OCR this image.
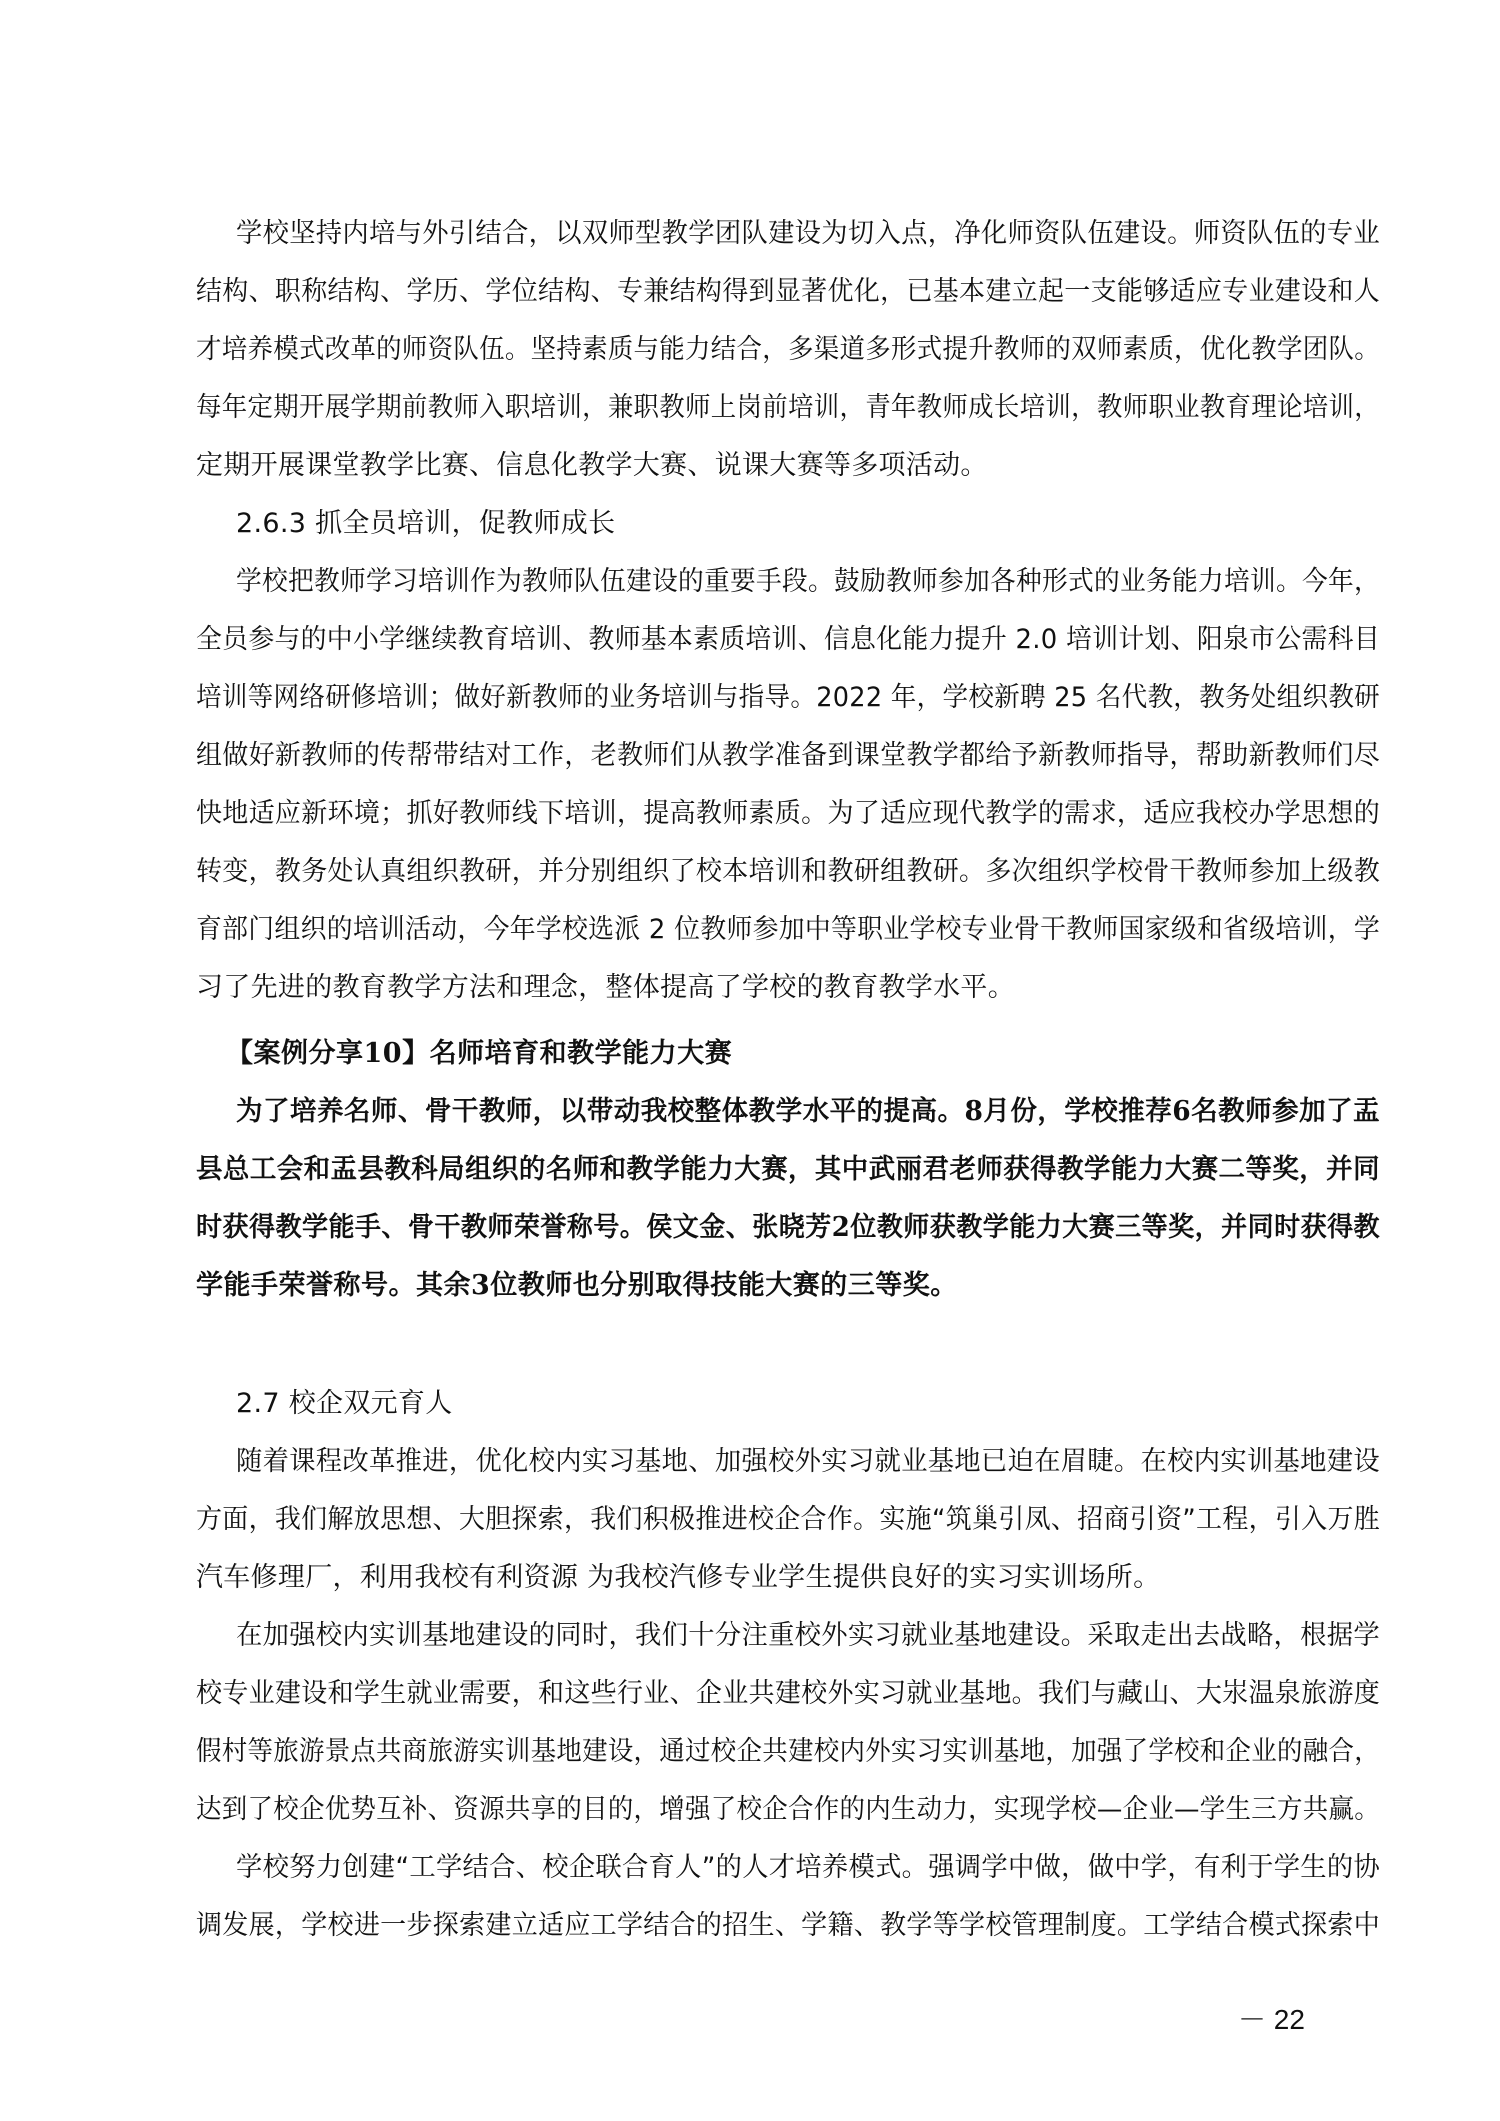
学校坚持内培与外引结合，以双师型教学团队建设为切入点，净化师资队伍建设。师资队伍的专业
结构、职称结构、学历、学位结构、专兼结构得到显著优化，已基本建立起一支能够适应专业建设和人
才培养模式改革的师资队伍。坚持素质与能力结合，多渠道多形式提升教师的双师素质，优化教学团队。
每年定期开展学期前教师入职培训，兼职教师上岗前培训，青年教师成长培训，教师职业教育理论培训，
定期开展课堂教学比赛、信息化教学大赛、说课大赛等多项活动。
2.6.3 抓全员培训，促教师成长
学校把教师学习培训作为教师队伍建设的重要手段。鼓励教师参加各种形式的业务能力培训。今年，
全员参与的中小学继续教育培训、教师基本素质培训、信息化能力提升 2.0 培训计划、阳泉市公需科目
培训等网络研修培训；做好新教师的业务培训与指导。2022 年，学校新聘 25 名代教，教务处组织教研
组做好新教师的传帮带结对工作，老教师们从教学准备到课堂教学都给予新教师指导，帮助新教师们尽
快地适应新环境；抓好教师线下培训，提高教师素质。为了适应现代教学的需求，适应我校办学思想的
转变，教务处认真组织教研，并分别组织了校本培训和教研组教研。多次组织学校骨干教师参加上级教
育部门组织的培训活动，今年学校选派 2 位教师参加中等职业学校专业骨干教师国家级和省级培训，学
习了先进的教育教学方法和理念，整体提高了学校的教育教学水平。
【案例分享10】名师培育和教学能力大赛
为了培养名师、骨干教师，以带动我校整体教学水平的提高。8月份，学校推荐6名教师参加了盂
县总工会和盂县教科局组织的名师和教学能力大赛，其中武丽君老师获得教学能力大赛二等奖，并同
时获得教学能手、骨干教师荣誉称号。侯文金、张晓芳2位教师获教学能力大赛三等奖，并同时获得教
学能手荣誉称号。其余3位教师也分别取得技能大赛的三等奖。
2.7 校企双元育人
随着课程改革推进，优化校内实习基地、加强校外实习就业基地已迫在眉睫。在校内实训基地建设
方面，我们解放思想、大胆探索，我们积极推进校企合作。实施“筑巢引凤、招商引资”工程，引入万胜
汽车修理厂，利用我校有利资源 为我校汽修专业学生提供良好的实习实训场所。
在加强校内实训基地建设的同时，我们十分注重校外实习就业基地建设。采取走出去战略，根据学
校专业建设和学生就业需要，和这些行业、企业共建校外实习就业基地。我们与藏山、大汖温泉旅游度
假村等旅游景点共商旅游实训基地建设，通过校企共建校内外实习实训基地，加强了学校和企业的融合，
达到了校企优势互补、资源共享的目的，增强了校企合作的内生动力，实现学校—企业—学生三方共赢。
学校努力创建“工学结合、校企联合育人”的人才培养模式。强调学中做，做中学，有利于学生的协
调发展，学校进一步探索建立适应工学结合的招生、学籍、教学等学校管理制度。工学结合模式探索中
－ 22
